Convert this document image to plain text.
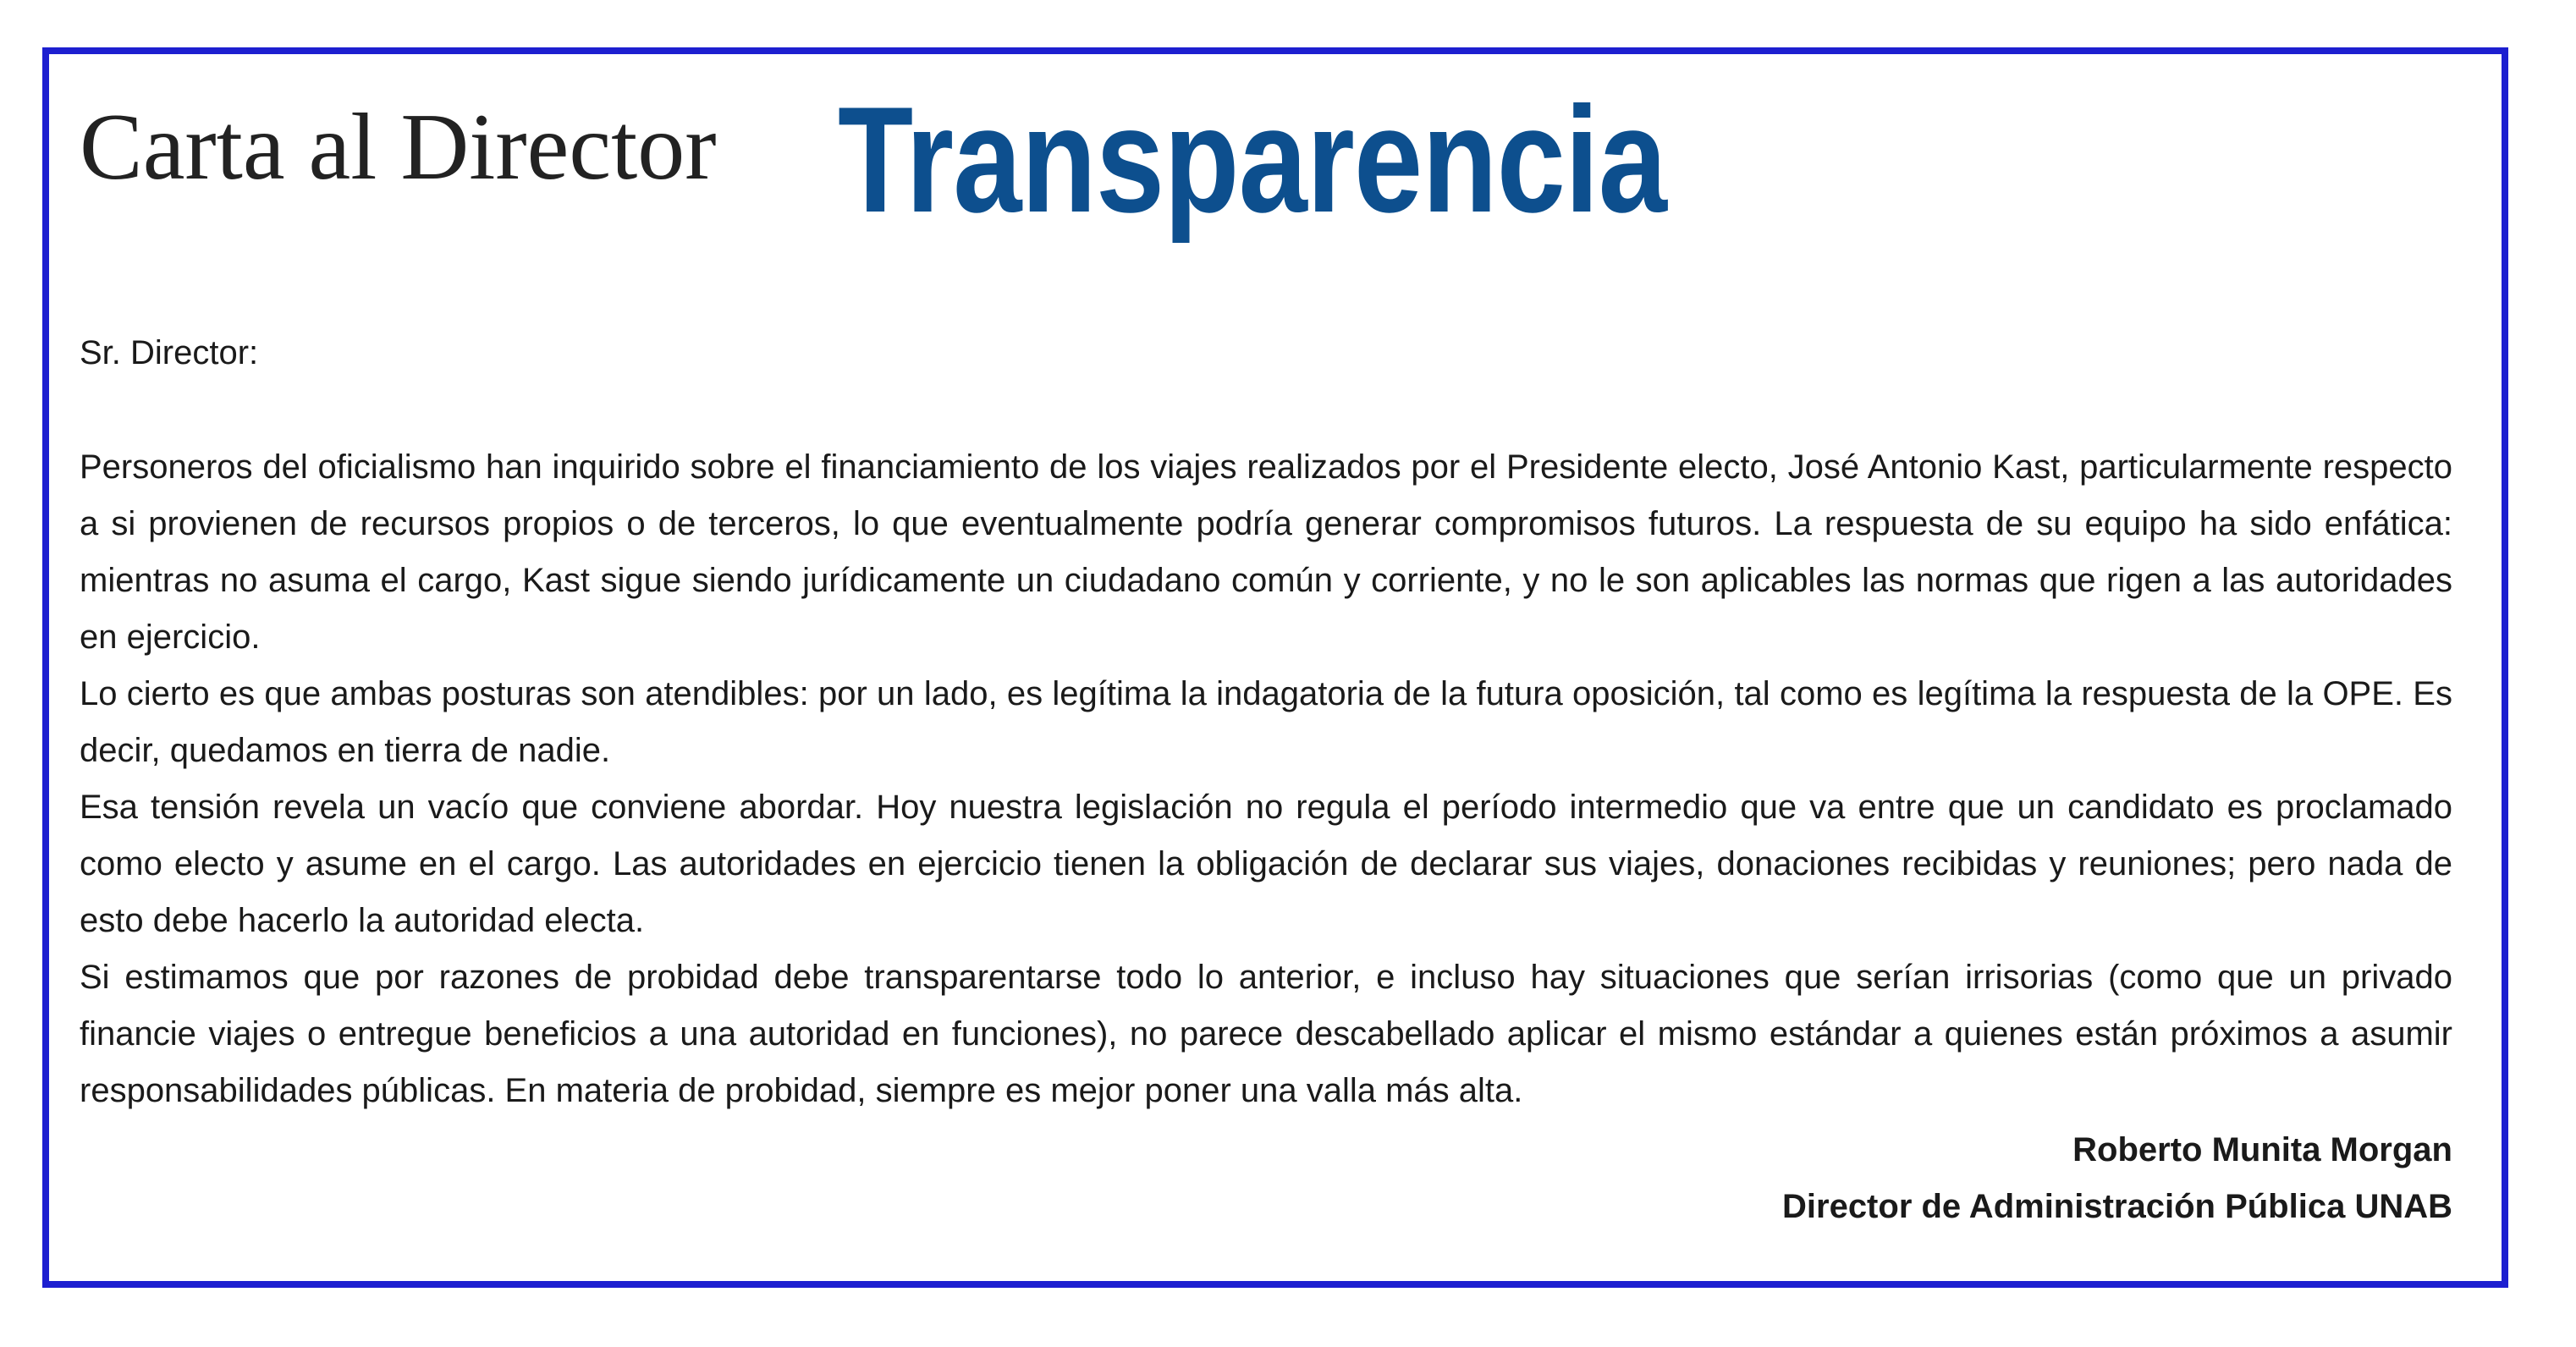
Carta al Director Transparencia

Sr. Director:

Personeros del oficialismo han inquirido sobre el financiamiento de los viajes realizados por el Presidente electo, José Antonio Kast, particularmente respecto a si provienen de recursos propios o de terceros, lo que eventualmente podría generar compromisos futuros. La respuesta de su equipo ha sido enfática: mientras no asuma el cargo, Kast sigue siendo jurídicamente un ciudadano común y corriente, y no le son aplicables las normas que rigen a las autoridades en ejercicio.

Lo cierto es que ambas posturas son atendibles: por un lado, es legítima la indagatoria de la futura oposición, tal como es legítima la respuesta de la OPE. Es decir, quedamos en tierra de nadie.

Esa tensión revela un vacío que conviene abordar. Hoy nuestra legislación no regula el período intermedio que va entre que un candidato es proclamado como electo y asume en el cargo. Las autoridades en ejercicio tienen la obligación de declarar sus viajes, donaciones recibidas y reuniones; pero nada de esto debe hacerlo la autoridad electa.

Si estimamos que por razones de probidad debe transparentarse todo lo anterior, e incluso hay situaciones que serían irrisorias (como que un privado financie viajes o entregue beneficios a una autoridad en funciones), no parece descabellado aplicar el mismo estándar a quienes están próximos a asumir responsabilidades públicas. En materia de probidad, siempre es mejor poner una valla más alta.

Roberto Munita Morgan
Director de Administración Pública UNAB
